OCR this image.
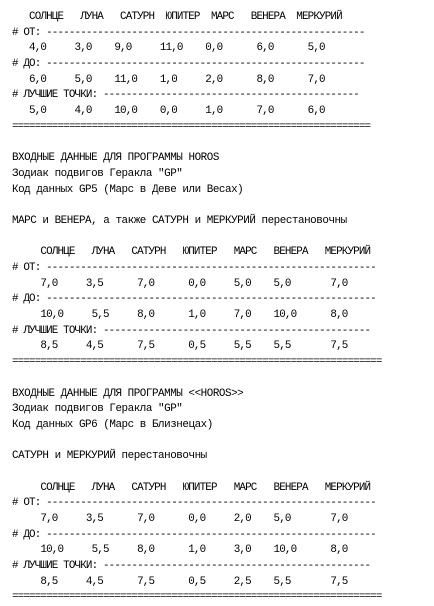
СОЛНЦЕ   ЛУНА   САТУРН  ЮПИТЕР  МАРС   ВЕНЕРА  МЕРКУРИЙ
# ОТ: --------------------------------------------------------
4,0     3,0    9,0     11,0    0,0      6,0      5,0
# ДО: --------------------------------------------------------
6,0     5,0    11,0    1,0     2,0      8,0      7,0
# ЛУЧШИЕ ТОЧКИ: ---------------------------------------------
5,0     4,0    10,0    0,0     1,0      7,0      6,0
===============================================================
ВХОДНЫЕ ДАННЫЕ ДЛЯ ПРОГРАММЫ HOROS
Зодиак подвигов Геракла "GP"
Код данных GP5 (Марс в Деве или Весах)
МАРС и ВЕНЕРА, а также САТУРН и МЕРКУРИЙ перестановочны
СОЛНЦЕ   ЛУНА   САТУРН   ЮПИТЕР   МАРС   ВЕНЕРА   МЕРКУРИЙ
# ОТ: ----------------------------------------------------------
7,0     3,5      7,0      0,0     5,0    5,0       7,0
# ДО: ----------------------------------------------------------
10,0     5,5     8,0      1,0     7,0    10,0      8,0
# ЛУЧШИЕ ТОЧКИ: -----------------------------------------------
8,5     4,5      7,5      0,5     5,5    5,5       7,5
=================================================================
ВХОДНЫЕ ДАННЫЕ ДЛЯ ПРОГРАММЫ <<HOROS>>
Зодиак подвигов Геракла "GP"
Код данных GP6 (Марс в Близнецах)
САТУРН и МЕРКУРИЙ перестановочны
СОЛНЦЕ   ЛУНА   САТУРН   ЮПИТЕР   МАРС   ВЕНЕРА   МЕРКУРИЙ
# ОТ: ----------------------------------------------------------
7,0     3,5      7,0      0,0     2,0    5,0       7,0
# ДО: ----------------------------------------------------------
10,0     5,5     8,0      1,0     3,0    10,0      8,0
# ЛУЧШИЕ ТОЧКИ: -----------------------------------------------
8,5     4,5      7,5      0,5     2,5    5,5       7,5
=================================================================
